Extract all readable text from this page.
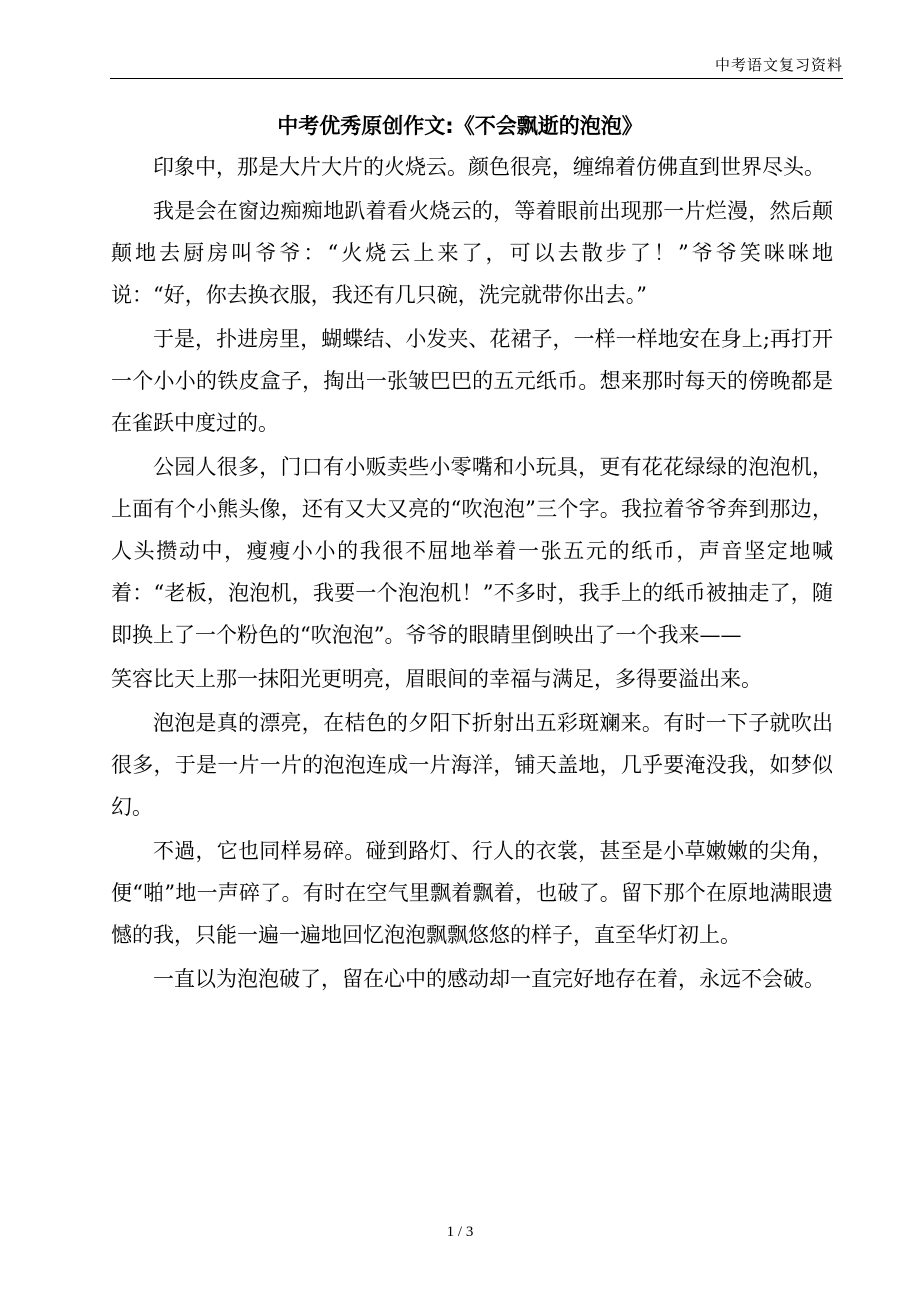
中考语文复习资料
中考优秀原创作文:《不会飘逝的泡泡》

印象中，那是大片大片的火烧云。颜色很亮，缠绵着仿佛直到世界尽头。

我是会在窗边痴痴地趴着看火烧云的，等着眼前出现那一片烂漫，然后颠颠地去厨房叫爷爷：“火烧云上来了，可以去散步了！”爷爷笑咪咪地说：“好，你去换衣服，我还有几只碗，洗完就带你出去。”

于是，扑进房里，蝴蝶结、小发夹、花裙子，一样一样地安在身上;再打开一个小小的铁皮盒子，掏出一张皱巴巴的五元纸币。想来那时每天的傍晚都是在雀跃中度过的。

公园人很多，门口有小贩卖些小零嘴和小玩具，更有花花绿绿的泡泡机，上面有个小熊头像，还有又大又亮的“吹泡泡”三个字。我拉着爷爷奔到那边，人头攒动中，瘦瘦小小的我很不屈地举着一张五元的纸币，声音坚定地喊着：“老板，泡泡机，我要一个泡泡机！”不多时，我手上的纸币被抽走了，随即换上了一个粉色的“吹泡泡”。爷爷的眼睛里倒映出了一个我来——

笑容比天上那一抹阳光更明亮，眉眼间的幸福与满足，多得要溢出来。

泡泡是真的漂亮，在桔色的夕阳下折射出五彩斑斓来。有时一下子就吹出很多，于是一片一片的泡泡连成一片海洋，铺天盖地，几乎要淹没我，如梦似幻。

不過，它也同样易碎。碰到路灯、行人的衣裳，甚至是小草嫩嫩的尖角，便“啪”地一声碎了。有时在空气里飘着飘着，也破了。留下那个在原地满眼遗憾的我，只能一遍一遍地回忆泡泡飘飘悠悠的样子，直至华灯初上。

一直以为泡泡破了，留在心中的感动却一直完好地存在着，永远不会破。

1 / 3
